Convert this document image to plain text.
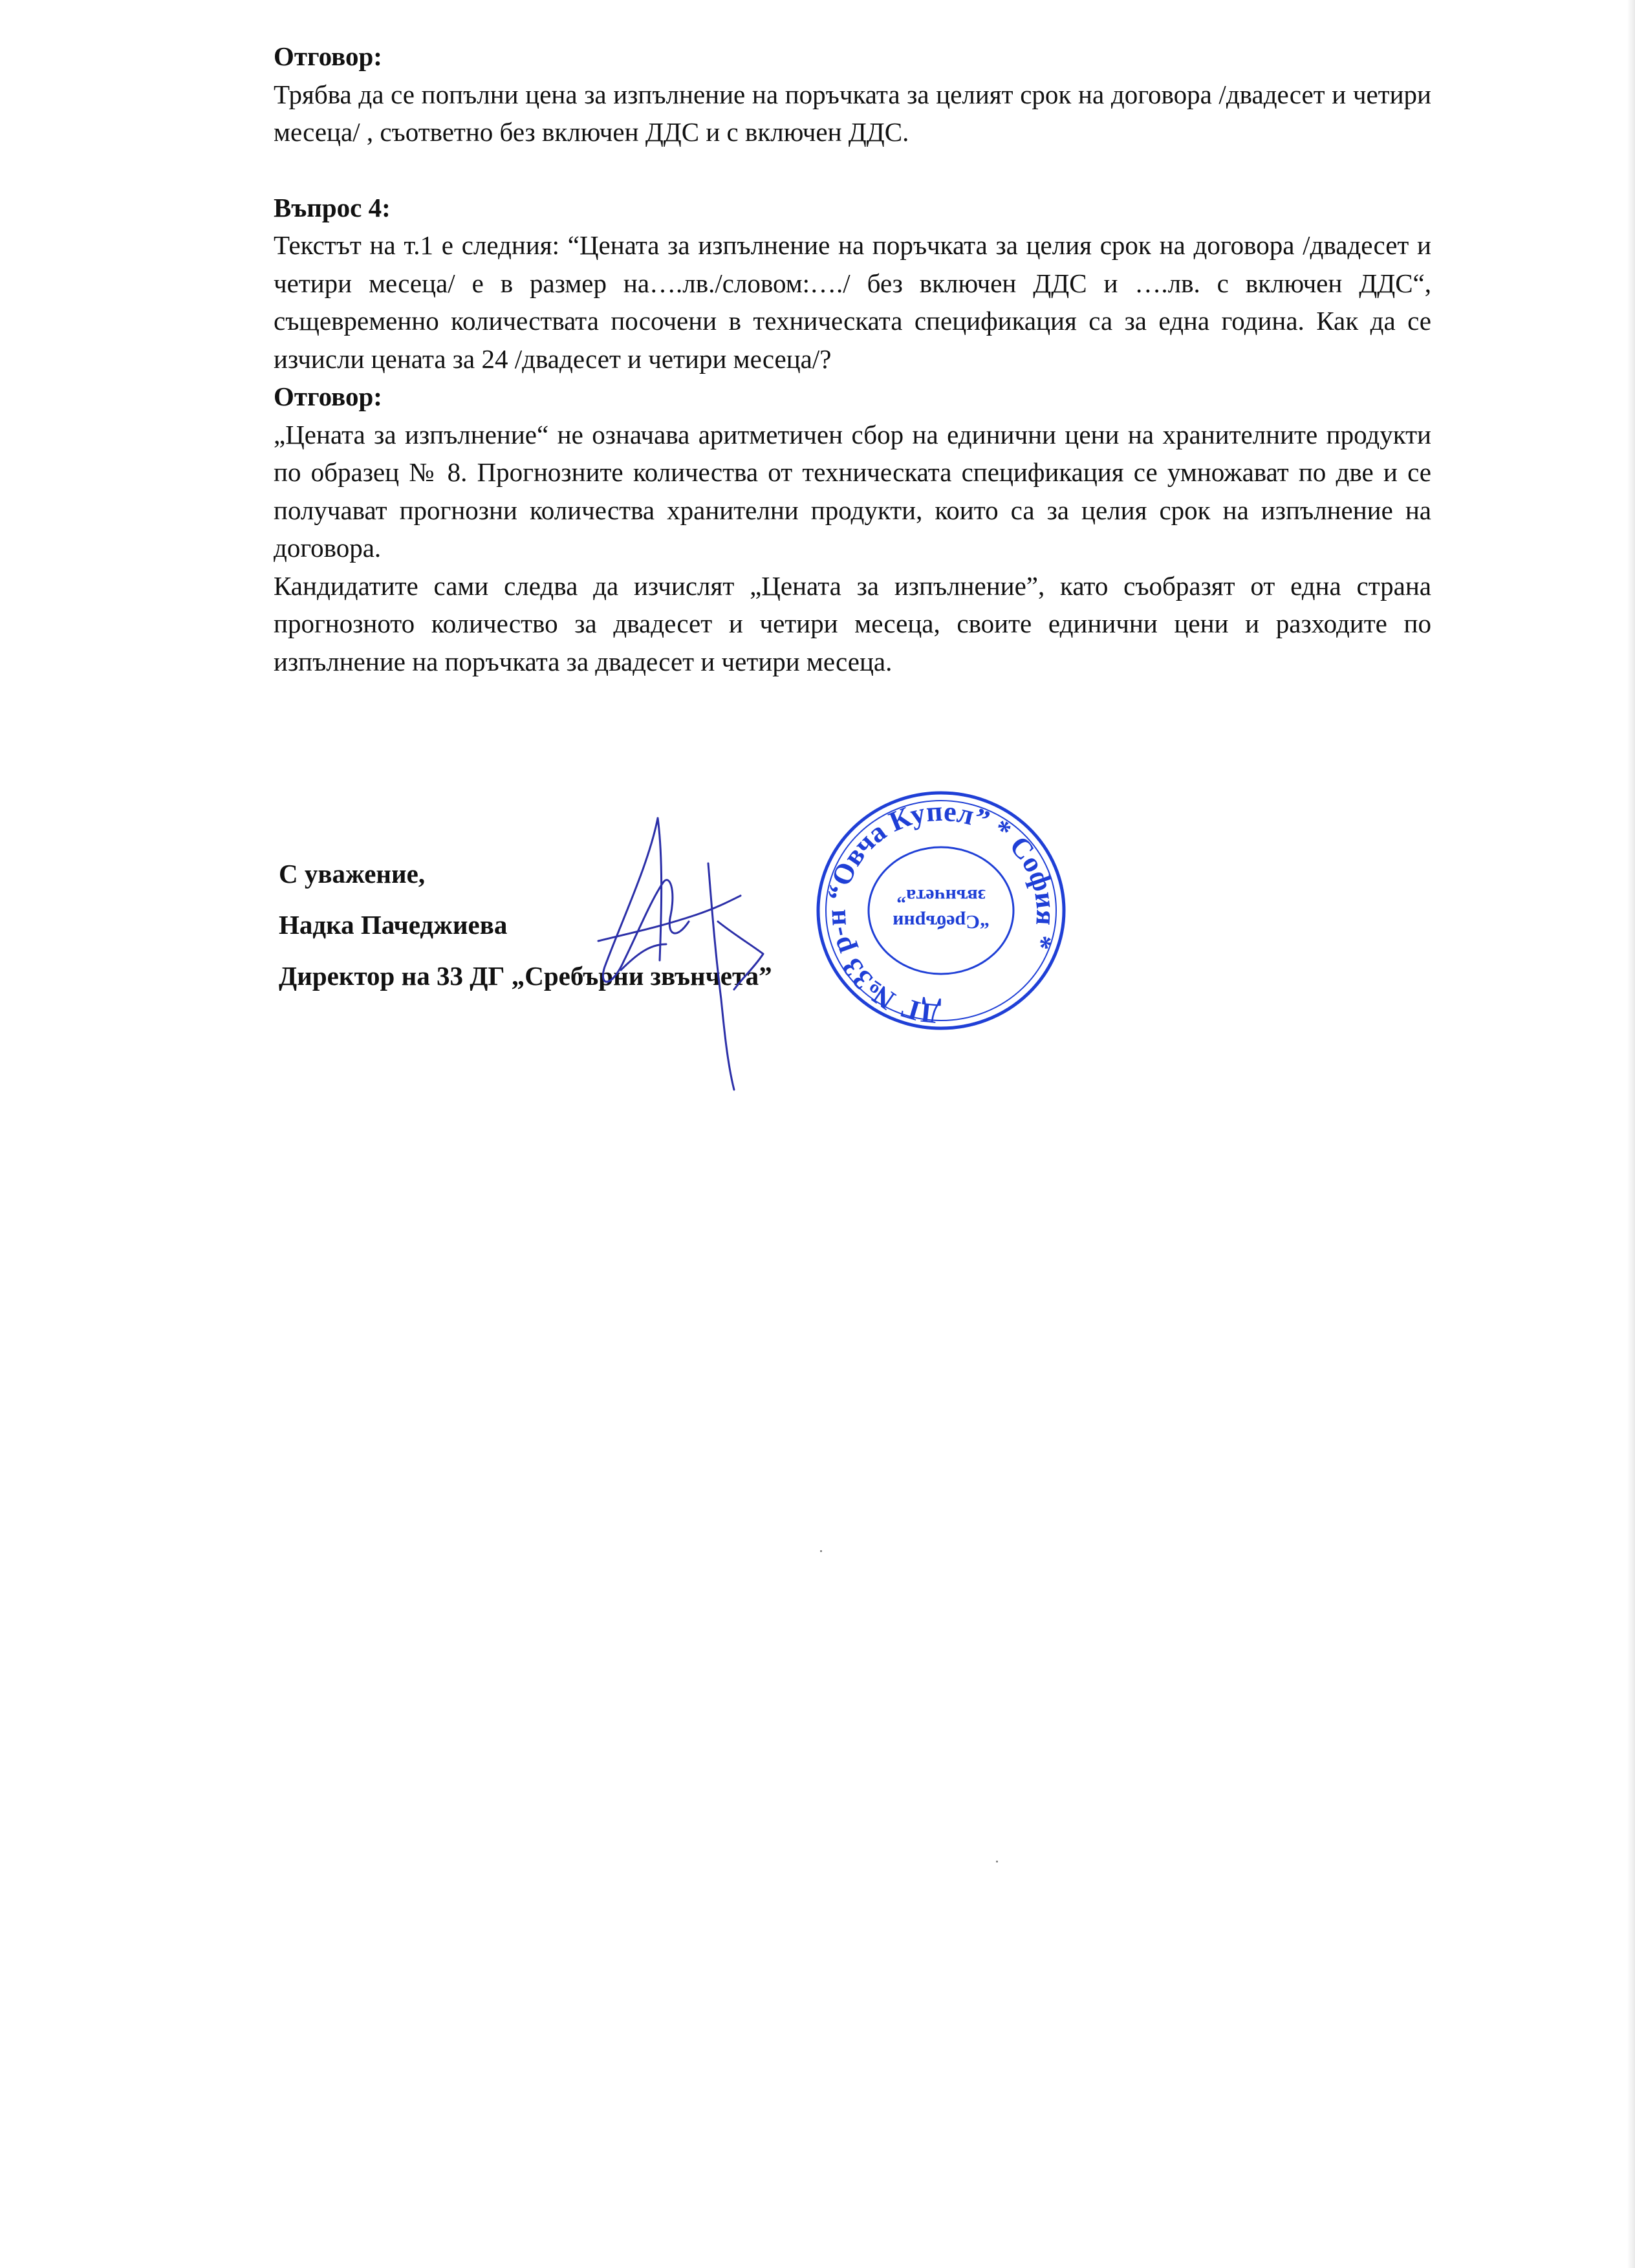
Отговор:

Трябва да се попълни цена за изпълнение на поръчката за целият срок на договора /двадесет и четири месеца/ , съответно без включен ДДС и с включен ДДС.

Въпрос 4:

Текстът на т.1 е следния: “Цената за изпълнение на поръчката за целия срок на договора /двадесет и четири месеца/ е в размер на….лв./словом:…./ без включен ДДС и ….лв. с включен ДДС“, същевременно количествата посочени в техническата спецификация са за една година. Как да се изчисли цената за 24 /двадесет и четири месеца/?

Отговор:

„Цената за изпълнение“ не означава аритметичен сбор на единични цени на хранителните продукти по образец № 8. Прогнозните количества от техническата спецификация се умножават по две и се получават прогнозни количества хранителни продукти, които са за целия срок на изпълнение на договора.

Кандидатите сами следва да изчислят „Цената за изпълнение”, като съобразят от една страна прогнозното количество за двадесет и четири месеца, своите единични цени и разходите по изпълнение на поръчката за двадесет и четири месеца.

С уважение,
Надка Пачеджиева
Директор на 33 ДГ „Сребърни звънчета”
ДГ №33 р-н “Овча Купел” * София *
“Сребърни
звънчета”
